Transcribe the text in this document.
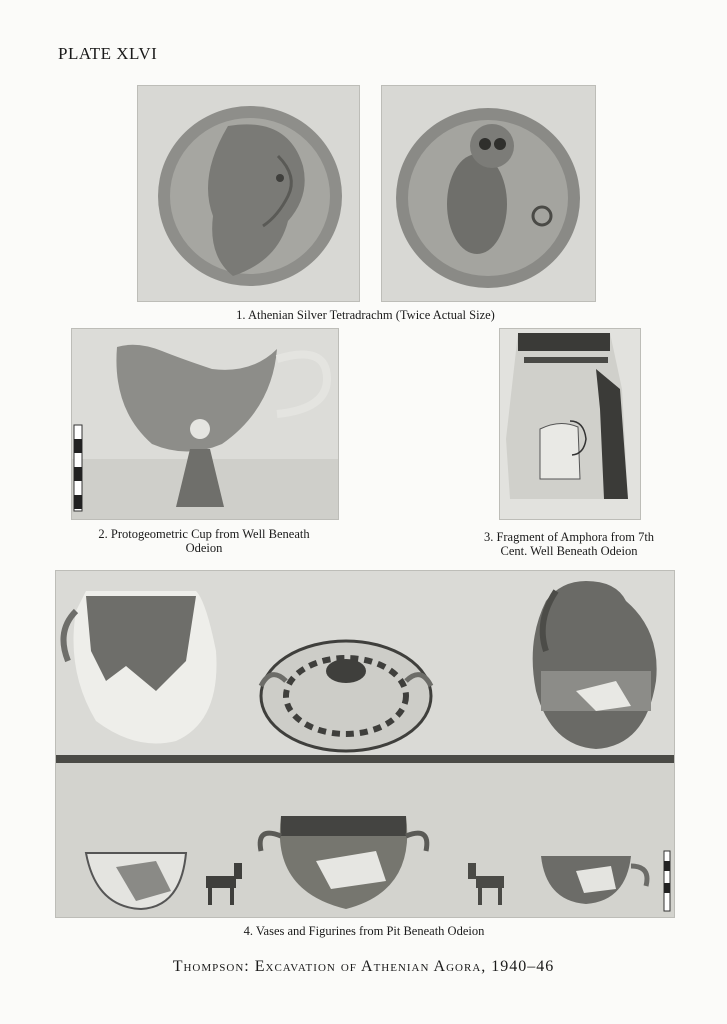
PLATE XLVI
1. Athenian Silver Tetradrachm (Twice Actual Size)
2. Protogeometric Cup from Well Beneath
Odeion
3. Fragment of Amphora from 7th
Cent. Well Beneath Odeion
4. Vases and Figurines from Pit Beneath Odeion
Thompson: Excavation of Athenian Agora, 1940–46
